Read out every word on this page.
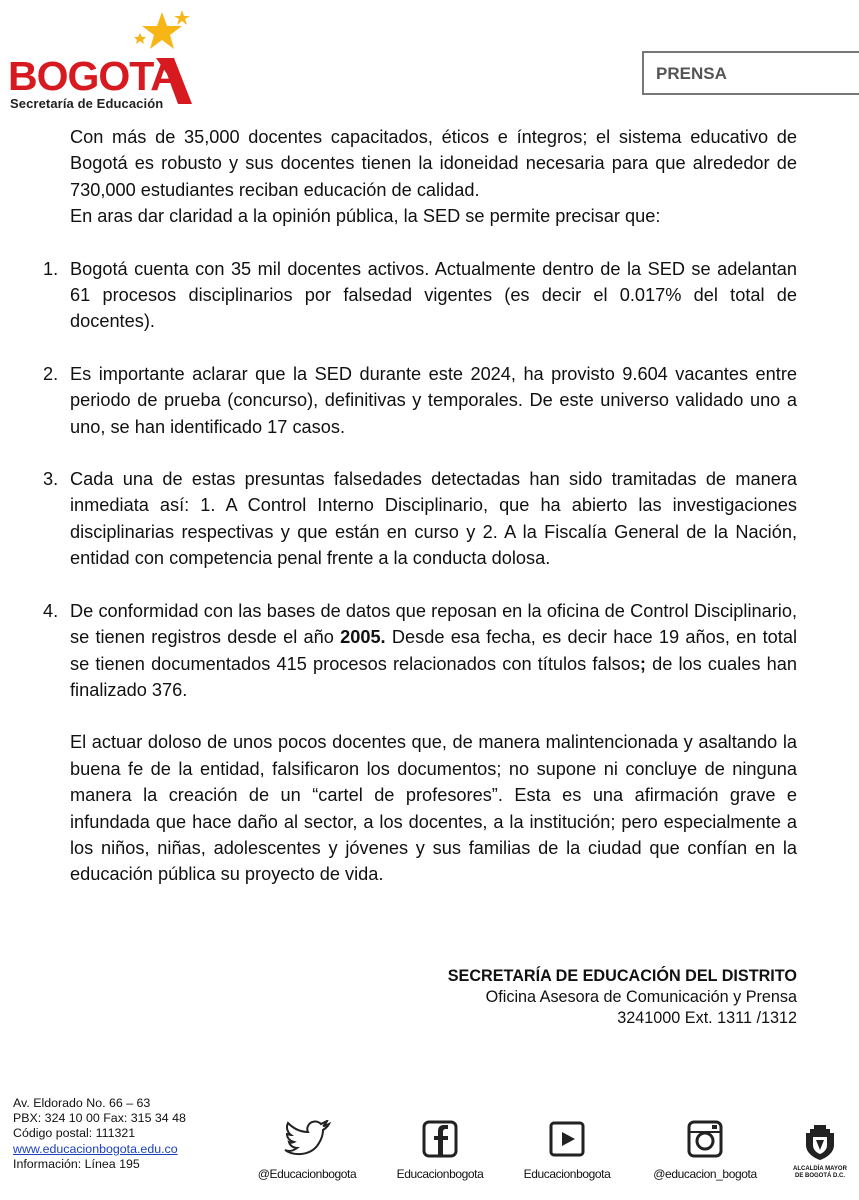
BOGOTA
Secretaría de Educación
PRENSA

Con más de 35,000 docentes capacitados, éticos e íntegros; el sistema educativo de Bogotá es robusto y sus docentes tienen la idoneidad necesaria para que alrededor de 730,000 estudiantes reciban educación de calidad.

En aras dar claridad a la opinión pública, la SED se permite precisar que:

1. Bogotá cuenta con 35 mil docentes activos. Actualmente dentro de la SED se adelantan 61 procesos disciplinarios por falsedad vigentes (es decir el 0.017% del total de docentes).

2. Es importante aclarar que la SED durante este 2024, ha provisto 9.604 vacantes entre periodo de prueba (concurso), definitivas y temporales. De este universo validado uno a uno, se han identificado 17 casos.

3. Cada una de estas presuntas falsedades detectadas han sido tramitadas de manera inmediata así: 1. A Control Interno Disciplinario, que ha abierto las investigaciones disciplinarias respectivas y que están en curso y 2. A la Fiscalía General de la Nación, entidad con competencia penal frente a la conducta dolosa.

4. De conformidad con las bases de datos que reposan en la oficina de Control Disciplinario, se tienen registros desde el año 2005. Desde esa fecha, es decir hace 19 años, en total se tienen documentados 415 procesos relacionados con títulos falsos; de los cuales han finalizado 376.

El actuar doloso de unos pocos docentes que, de manera malintencionada y asaltando la buena fe de la entidad, falsificaron los documentos; no supone ni concluye de ninguna manera la creación de un “cartel de profesores”. Esta es una afirmación grave e infundada que hace daño al sector, a los docentes, a la institución; pero especialmente a los niños, niñas, adolescentes y jóvenes y sus familias de la ciudad que confían en la educación pública su proyecto de vida.

SECRETARÍA DE EDUCACIÓN DEL DISTRITO
Oficina Asesora de Comunicación y Prensa
3241000 Ext. 1311 /1312
Av. Eldorado No. 66 – 63
PBX: 324 10 00 Fax: 315 34 48
Código postal: 111321
www.educacionbogota.edu.co
Información: Línea 195
@Educacionbogota	Educacionbogota	Educacionbogota	@educacion_bogota	ALCALDÍA MAYOR
DE BOGOTÁ D.C.
